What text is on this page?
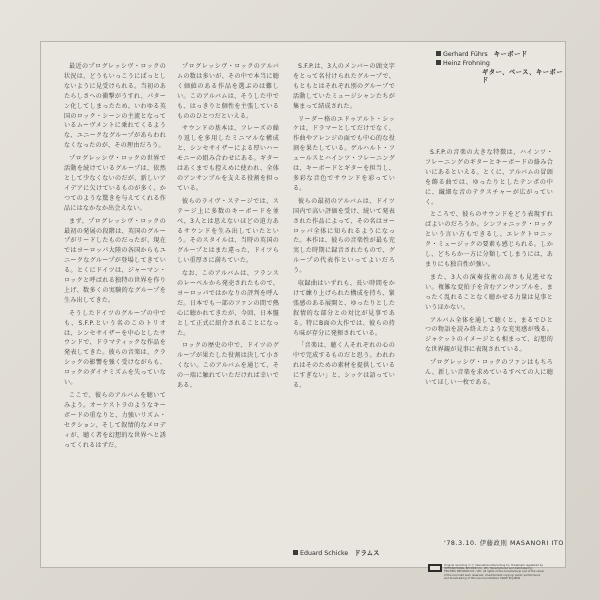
Gerhard Führs キーボード
Heinz Frohning
ギター、ベース、キーボード

最近のプログレッシヴ・ロックの状況は、どうもいっこうにぱっとしないように見受けられる。当初のあたらしさへの衝撃がうすれ、パターン化してしまったため、いわゆる英国のロック・シーンの主流となっているムーヴメントに乗れてくるような、ユニークなグループがあらわれなくなったのが、その理由だろう。

プログレッシヴ・ロックの世界で活動を続けているグループは、依然として少なくないのだが、新しいアイデアに欠けているものが多く、かつてのような驚きを与えてくれる作品にはなかなか出会えない。

まず、プログレッシヴ・ロックの最初の発展の段階は、英国のグループがリードしたものだったが、現在ではヨーロッパ大陸の各国からもユニークなグループが登場してきている。とくにドイツは、ジャーマン・ロックと呼ばれる独特の世界を作り上げ、数多くの実験的なグループを生み出してきた。

そうしたドイツのグループの中でも、S.F.P.という名のこのトリオは、シンセサイザーを中心としたサウンドで、ドラマティックな作品を発表してきた。彼らの音楽は、クラシックの影響を強く受けながらも、ロックのダイナミズムを失っていない。

ここで、彼らのアルバムを聴いてみよう。オーケストラのようなキーボードの重なりと、力強いリズム・セクション、そして叙情的なメロディが、聴く者を幻想的な世界へと誘ってくれるはずだ。

プログレッシヴ・ロックのアルバムの数は多いが、その中で本当に聴く価値のある作品を選ぶのは難しい。このアルバムは、そうした中でも、はっきりと個性を主張しているもののひとつだといえる。

サウンドの基本は、フレーズの繰り返しを多用したミニマルな構成と、シンセサイザーによる厚いハーモニーの組み合わせにある。ギターはあくまでも控えめに使われ、全体のアンサンブルを支える役割を担っている。

彼らのライヴ・ステージでは、ステージ上に多数のキーボードを並べ、3人とは思えないほどの迫力あるサウンドを生み出していたという。そのスタイルは、当時の英国のグループとはまた違った、ドイツらしい重厚さに満ちていた。

なお、このアルバムは、フランスのレーベルから発売されたもので、ヨーロッパではかなりの評判を呼んだ。日本でも一部のファンの間で熱心に聴かれてきたが、今回、日本盤として正式に紹介されることになった。

ロックの歴史の中で、ドイツのグループが果たした役割は決して小さくない。このアルバムを通じて、その一端に触れていただければ幸いである。

S.F.P.は、3人のメンバーの頭文字をとって名付けられたグループで、もともとはそれぞれ別のグループで活動していたミュージシャンたちが集まって結成された。

リーダー格のエドゥアルト・シッケは、ドラマーとしてだけでなく、作曲やアレンジの面でも中心的な役割を果たしている。ゲルハルト・フュールスとハインツ・フレーニングは、キーボードとギターを担当し、多彩な音色でサウンドを彩っている。

彼らの最初のアルバムは、ドイツ国内で高い評価を受け、続いて発表された作品によって、その名はヨーロッパ全体に知られるようになった。本作は、彼らの音楽性が最も充実した時期に録音されたもので、グループの代表作といってよいだろう。

収録曲はいずれも、長い時間をかけて練り上げられた構成を持ち、緊張感のある展開と、ゆったりとした叙情的な部分との対比が見事である。特にB面の大作では、彼らの持ち味が存分に発揮されている。

「音楽は、聴く人それぞれの心の中で完成するものだと思う。われわれはそのための素材を提供しているにすぎない」と、シッケは語っている。

S.F.P.の音楽の大きな特徴は、ハインツ・フレーニングのギターとキーボードの絡み合いにあるといえる。とくに、アルバムの冒頭を飾る曲では、ゆったりとしたテンポの中に、繊細な音のテクスチャーが広がっていく。

ところで、彼らのサウンドをどう表現すればよいのだろうか。シンフォニック・ロックという言い方もできるし、エレクトロニック・ミュージックの要素も感じられる。しかし、どちらか一方に分類してしまうには、あまりにも独自性が強い。

また、3人の演奏技術の高さも見逃せない。複雑な変拍子を含むアンサンブルを、まったく乱れることなく聴かせる力量は見事というほかない。

アルバム全体を通して聴くと、まるでひとつの物語を読み終えたような充実感が残る。ジャケットのイメージとも相まって、幻想的な世界観が見事に表現されている。

プログレッシヴ・ロックのファンはもちろん、新しい音楽を求めているすべての人に聴いてほしい一枚である。

Eduard Schicke ドラムス
'78.3.10. 伊藤政則 MASANORI ITO
Original recording © Ⓟ International Recording Co. Trademark registered by
INTERNATIONAL RECORD CO., LTD. Manufactured and distributed by
TEICHIKU RECORDS CO., LTD. All rights of the manufacturer and of the owner
of the recorded work reserved. Unauthorized copying, public performance
and broadcasting of this record prohibited. MADE IN JAPAN
